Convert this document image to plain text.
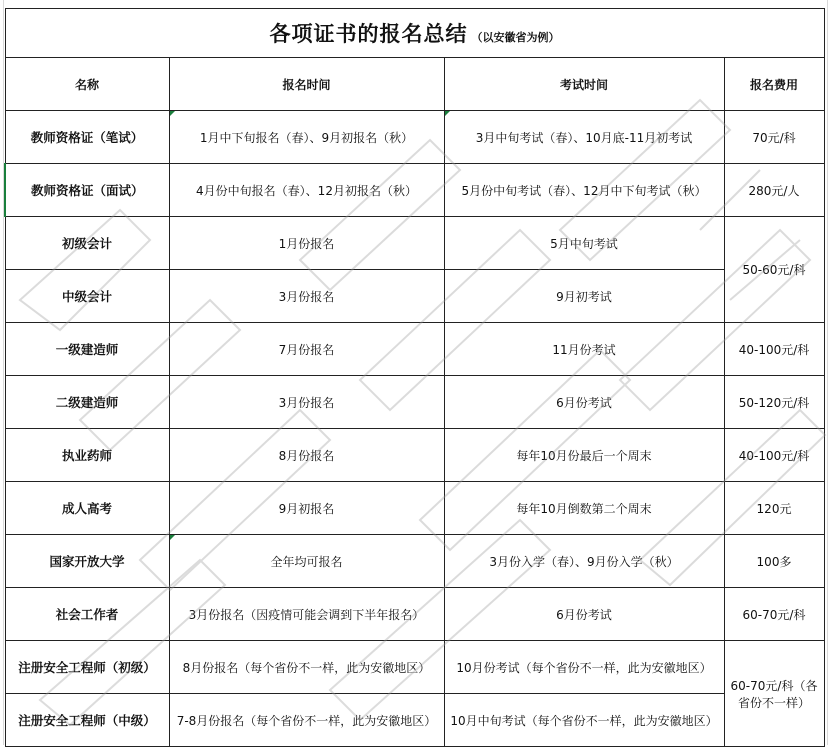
各项证书的报名总结 （以安徽省为例）			
名称	报名时间	考试时间	报名费用
教师资格证（笔试）	1月中下旬报名（春）、9月初报名（秋）	3月中旬考试（春）、10月底-11月初考试	70元/科
教师资格证（面试）	4月份中旬报名（春）、12月初报名（秋）	5月份中旬考试（春）、12月中下旬考试（秋）	280元/人
初级会计	1月份报名	5月中旬考试	50-60元/科
中级会计	3月份报名	9月初考试	
一级建造师	7月份报名	11月份考试	40-100元/科
二级建造师	3月份报名	6月份考试	50-120元/科
执业药师	8月份报名	每年10月份最后一个周末	40-100元/科
成人高考	9月初报名	每年10月倒数第二个周末	120元
国家开放大学	全年均可报名	3月份入学（春）、9月份入学（秋）	100多
社会工作者	3月份报名（因疫情可能会调到下半年报名）	6月份考试	60-70元/科
注册安全工程师（初级）	8月份报名（每个省份不一样，此为安徽地区）	10月份考试（每个省份不一样，此为安徽地区）	60-70元/科（各省份不一样）
注册安全工程师（中级）	7-8月份报名（每个省份不一样，此为安徽地区）	10月中旬考试（每个省份不一样，此为安徽地区）	
